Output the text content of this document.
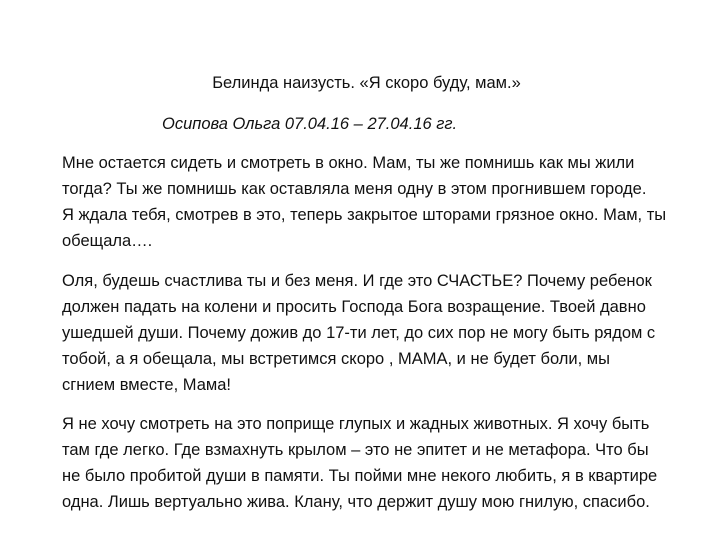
Белинда наизусть. «Я скоро буду, мам.»
Осипова Ольга 07.04.16 – 27.04.16 гг.
Мне остается сидеть и смотреть в окно. Мам, ты же помнишь как мы жили
тогда? Ты же помнишь как оставляла меня одну в этом прогнившем городе.
Я ждала тебя, смотрев в это, теперь закрытое шторами грязное окно. Мам, ты
обещала….
Оля, будешь счастлива ты и без меня. И где это СЧАСТЬЕ? Почему ребенок
должен падать на колени и просить Господа Бога возращение. Твоей давно
ушедшей души. Почему дожив до 17-ти лет, до сих пор не могу быть рядом с
тобой, а я обещала, мы встретимся скоро , МАМА, и не будет боли, мы
сгнием вместе, Мама!
Я не хочу смотреть на это поприще глупых и жадных животных. Я хочу быть
там где легко. Где взмахнуть крылом – это не эпитет и не метафора. Что бы
не было пробитой души в памяти. Ты пойми мне некого любить, я в квартире
одна. Лишь вертуально жива. Клану, что держит душу мою гнилую, спасибо.
